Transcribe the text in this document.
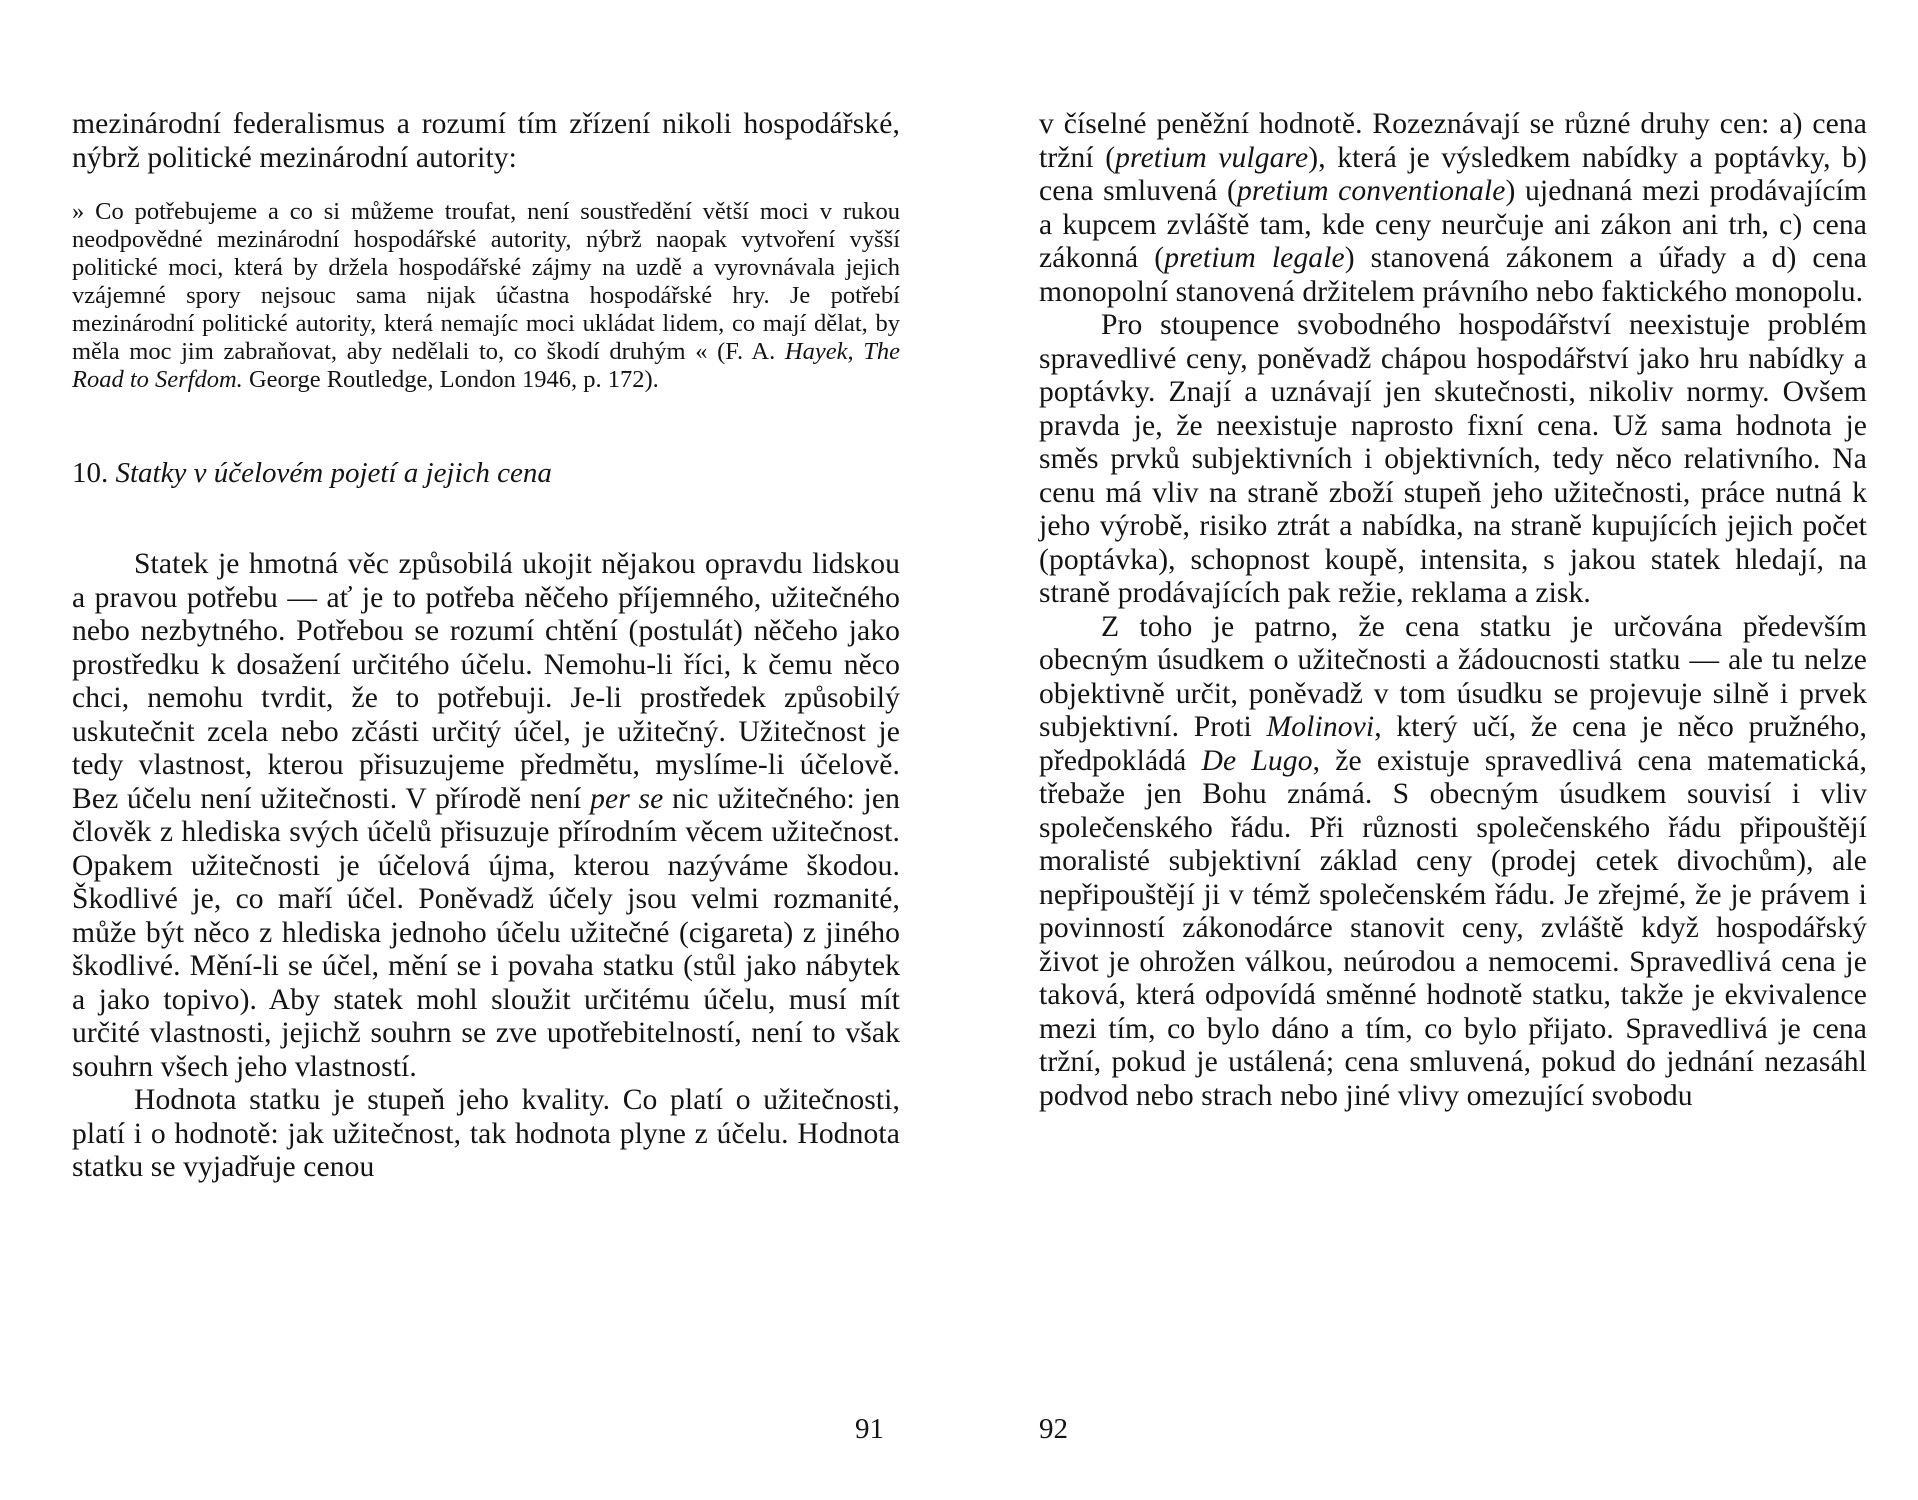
mezinárodní federalismus a rozumí tím zřízení nikoli hospodářské, nýbrž politické mezinárodní autority:

» Co potřebujeme a co si můžeme troufat, není soustředění větší moci v rukou neodpovědné mezinárodní hospodářské autority, nýbrž naopak vytvoření vyšší politické moci, která by držela hospodářské zájmy na uzdě a vyrovnávala jejich vzájemné spory nejsouc sama nijak účastna hospodářské hry. Je potřebí mezinárodní politické autority, která nemajíc moci ukládat lidem, co mají dělat, by měla moc jim zabraňovat, aby nedělali to, co škodí druhým « (F. A. Hayek, The Road to Serfdom. George Routledge, London 1946, p. 172).

10. Statky v účelovém pojetí a jejich cena

Statek je hmotná věc způsobilá ukojit nějakou opravdu lidskou a pravou potřebu — ať je to potřeba něčeho příjemného, užitečného nebo nezbytného. Potřebou se rozumí chtění (postulát) něčeho jako prostředku k dosažení určitého účelu. Nemohu-li říci, k čemu něco chci, nemohu tvrdit, že to potřebuji. Je-li prostředek způsobilý uskutečnit zcela nebo zčásti určitý účel, je užitečný. Užitečnost je tedy vlastnost, kterou přisuzujeme předmětu, myslíme-li účelově. Bez účelu není užitečnosti. V přírodě není per se nic užitečného: jen člověk z hlediska svých účelů přisuzuje přírodním věcem užitečnost. Opakem užitečnosti je účelová újma, kterou nazýváme škodou. Škodlivé je, co maří účel. Poněvadž účely jsou velmi rozmanité, může být něco z hlediska jednoho účelu užitečné (cigareta) z jiného škodlivé. Mění-li se účel, mění se i povaha statku (stůl jako nábytek a jako topivo). Aby statek mohl sloužit určitému účelu, musí mít určité vlastnosti, jejichž souhrn se zve upotřebitelností, není to však souhrn všech jeho vlastností.

Hodnota statku je stupeň jeho kvality. Co platí o užitečnosti, platí i o hodnotě: jak užitečnost, tak hodnota plyne z účelu. Hodnota statku se vyjadřuje cenou

91

v číselné peněžní hodnotě. Rozeznávají se různé druhy cen: a) cena tržní (pretium vulgare), která je výsledkem nabídky a poptávky, b) cena smluvená (pretium conventionale) ujednaná mezi prodávajícím a kupcem zvláště tam, kde ceny neurčuje ani zákon ani trh, c) cena zákonná (pretium legale) stanovená zákonem a úřady a d) cena monopolní stanovená držitelem právního nebo faktického monopolu.

Pro stoupence svobodného hospodářství neexistuje problém spravedlivé ceny, poněvadž chápou hospodářství jako hru nabídky a poptávky. Znají a uznávají jen skutečnosti, nikoliv normy. Ovšem pravda je, že neexistuje naprosto fixní cena. Už sama hodnota je směs prvků subjektivních i objektivních, tedy něco relativního. Na cenu má vliv na straně zboží stupeň jeho užitečnosti, práce nutná k jeho výrobě, risiko ztrát a nabídka, na straně kupujících jejich počet (poptávka), schopnost koupě, intensita, s jakou statek hledají, na straně prodávajících pak režie, reklama a zisk.

Z toho je patrno, že cena statku je určována především obecným úsudkem o užitečnosti a žádoucnosti statku — ale tu nelze objektivně určit, poněvadž v tom úsudku se projevuje silně i prvek subjektivní. Proti Molinovi, který učí, že cena je něco pružného, předpokládá De Lugo, že existuje spravedlivá cena matematická, třebaže jen Bohu známá. S obecným úsudkem souvisí i vliv společenského řádu. Při různosti společenského řádu připouštějí moralisté subjektivní základ ceny (prodej cetek divochům), ale nepřipouštějí ji v témž společenském řádu. Je zřejmé, že je právem i povinností zákonodárce stanovit ceny, zvláště když hospodářský život je ohrožen válkou, neúrodou a nemocemi. Spravedlivá cena je taková, která odpovídá směnné hodnotě statku, takže je ekvivalence mezi tím, co bylo dáno a tím, co bylo přijato. Spravedlivá je cena tržní, pokud je ustálená; cena smluvená, pokud do jednání nezasáhl podvod nebo strach nebo jiné vlivy omezující svobodu

92
